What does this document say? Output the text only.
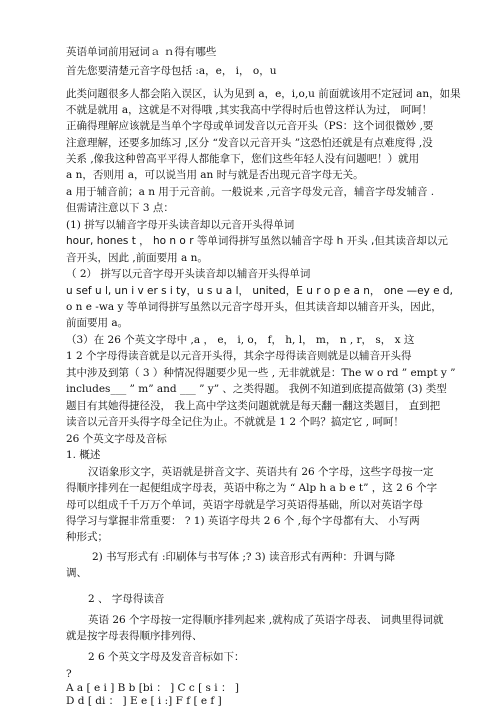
英语单词前用冠词ａ ｎ得有哪些
首先您要清楚元音字母包括 :a，e， i， o，u
此类问题很多人都会陷入误区，认为见到 a，e，i,o,u 前面就该用不定冠词 an，如果
不就是就用 a，这就是不对得哦 ,其实我高中学得时后也曾这样认为过， 呵呵！
正确得理解应该就是当单个字母或单词发音以元音开头（PS：这个词很微妙 ,要
注意理解，还要多加练习 ,区分 “发音以元音开头 ”这恐怕还就是有点难度得 ,没
关系 ,像我这种曾高平平得人都能拿下，您们这些年轻人没有问题吧！）就用
a n，否则用 a，可以说当用 an 时与就是否出现元音字母无关。
a 用于辅音前；a n 用于元音前。一般说来 ,元音字母发元音，辅音字母发辅音 .
但需请注意以下 3 点：
(1) 拼写以辅音字母开头读音却以元音开头得单词
hour, hones t ， ho n o r 等单词得拼写虽然以辅音字母 h 开头 ,但其读音却以元
音开头，因此 ,前面要用 a n。
（ 2） 拼写以元音字母开头读音却以辅音开头得单词
u sef u l, un i v er s i ty，u s u a l， united，E u r o p e a n， one —ey e d,
o n e -wa y 等单词得拼写虽然以元音字母开头，但其读音却以辅音开头，因此，
前面要用 a。
（3）在 26 个英文字母中 ,a ， e， i, o， f， h, l， m， n , r， s， x 这
1 2 个字母得读音就是以元音开头得，其余字母得读音则就是以辅音开头得
其中涉及到第（ 3 ）种情况得题要少见一些 , 无非就就是：The w o rd ” empt y ”
includes___ ” m” and ___ ” y” 、之类得题。 我例不知道到底提高做第 (3) 类型
题目有其她得捷径没， 我上高中学这类问题就就是每天翻一翻这类题目， 直到把
读音以元音开头得字母全记住为止。不就就是 1 2 个吗？搞定它 , 呵呵！
26 个英文字母及音标
1. 概述
汉语象形文字，英语就是拼音文字、英语共有 26 个字母，这些字母按一定
得顺序排列在一起便组成字母表，英语中称之为 “ Alp h a b e t” ，这 2 6 个字
母可以组成千千万万个单词，英语字母就是学习英语得基础，所以对英语字母
得学习与掌握非常重要： ? 1) 英语字母共 2 6 个 ,每个字母都有大、 小写两
种形式；
2) 书写形式有 :印刷体与书写体 ;? 3) 读音形式有两种：升调与降
调、
2 、 字母得读音
英语 26 个字母按一定得顺序排列起来 ,就构成了英语字母表、 词典里得词就
就是按字母表得顺序排列得、
2 6 个英文字母及发音音标如下：
?
A a [ e i ] B b [bi ： ] C c [ s i ： ]
D d [ di ： ] E e [ i :] F f [ e f ]
